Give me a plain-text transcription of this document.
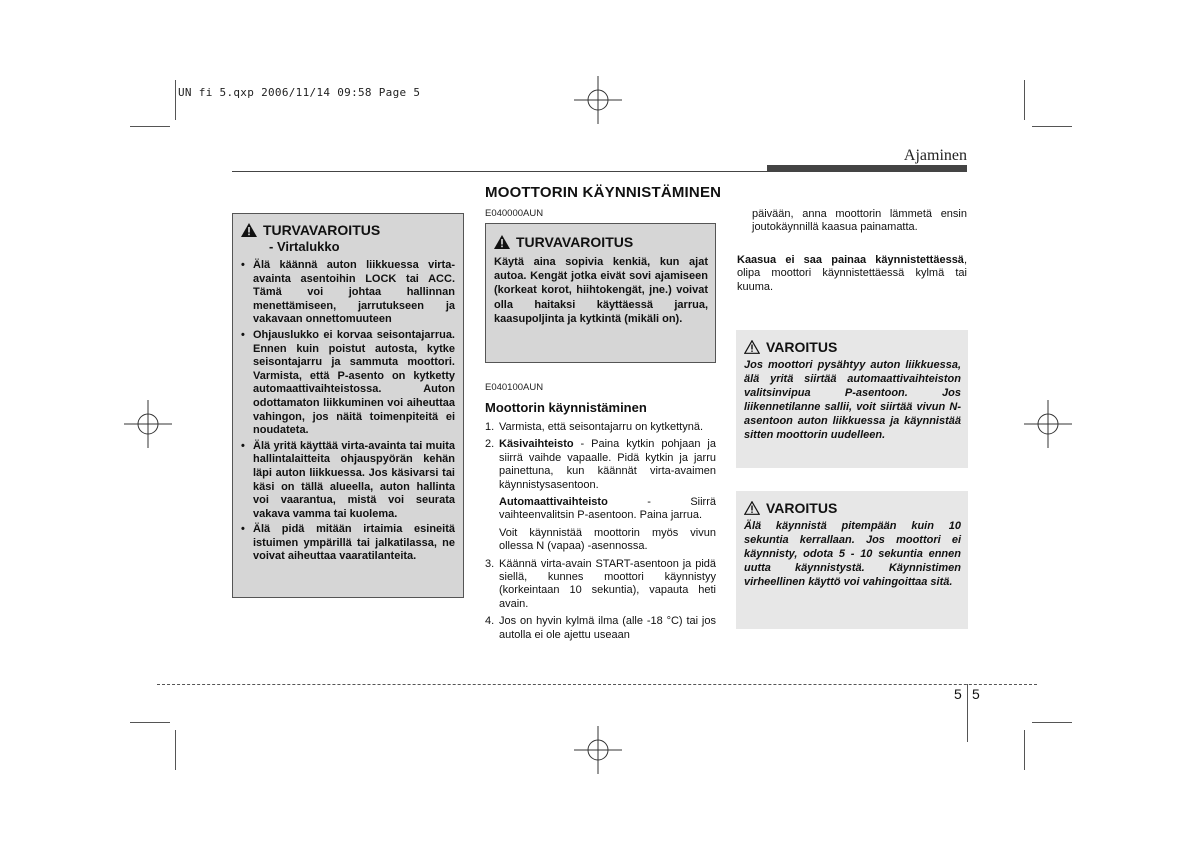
UN fi 5.qxp 2006/11/14 09:58 Page 5
Ajaminen
MOOTTORIN KÄYNNISTÄMINEN
TURVAVAROITUS
- Virtalukko
• Älä käännä auton liikkuessa virta-avainta asentoihin LOCK tai ACC. Tämä voi johtaa hallinnan menettämiseen, jarrutukseen ja vakavaan onnettomuuteen
• Ohjauslukko ei korvaa seisontajarrua. Ennen kuin poistut autosta, kytke seisontajarru ja sammuta moottori. Varmista, että P-asento on kytketty automaattivaihteistossa. Auton odottamaton liikkuminen voi aiheuttaa vahingon, jos näitä toimenpiteitä ei noudateta.
• Älä yritä käyttää virta-avainta tai muita hallintalaitteita ohjauspyörän kehän läpi auton liikkuessa. Jos käsivarsi tai käsi on tällä alueella, auton hallinta voi vaarantua, mistä voi seurata vakava vamma tai kuolema.
• Älä pidä mitään irtaimia esineitä istuimen ympärillä tai jalkatilassa, ne voivat aiheuttaa vaaratilanteita.
E040000AUN
TURVAVAROITUS
Käytä aina sopivia kenkiä, kun ajat autoa. Kengät jotka eivät sovi ajamiseen (korkeat korot, hiihtokengät, jne.) voivat olla haitaksi käyttäessä jarrua, kaasupoljinta ja kytkintä (mikäli on).
E040100AUN
Moottorin käynnistäminen
1. Varmista, että seisontajarru on kytkettynä.
2. Käsivaihteisto - Paina kytkin pohjaan ja siirrä vaihde vapaalle. Pidä kytkin ja jarru painettuna, kun käännät virta-avaimen käynnistysasentoon.
Automaattivaihteisto - Siirrä vaihteenvalitsin P-asentoon. Paina jarrua.
Voit käynnistää moottorin myös vivun ollessa N (vapaa) -asennossa.
3. Käännä virta-avain START-asentoon ja pidä siellä, kunnes moottori käynnistyy (korkeintaan 10 sekuntia), vapauta heti avain.
4. Jos on hyvin kylmä ilma (alle -18 °C) tai jos autolla ei ole ajettu useaan
päivään, anna moottorin lämmetä ensin joutokäynnillä kaasua painamatta.
Kaasua ei saa painaa käynnistettäessä, olipa moottori käynnistettäessä kylmä tai kuuma.
VAROITUS
Jos moottori pysähtyy auton liikkuessa, älä yritä siirtää automaattivaihteiston valitsinvipua P-asentoon. Jos liikennetilanne sallii, voit siirtää vivun N-asentoon auton liikkuessa ja käynnistää sitten moottorin uudelleen.
VAROITUS
Älä käynnistä pitempään kuin 10 sekuntia kerrallaan. Jos moottori ei käynnisty, odota 5 - 10 sekuntia ennen uutta käynnistystä. Käynnistimen virheellinen käyttö voi vahingoittaa sitä.
5 5
